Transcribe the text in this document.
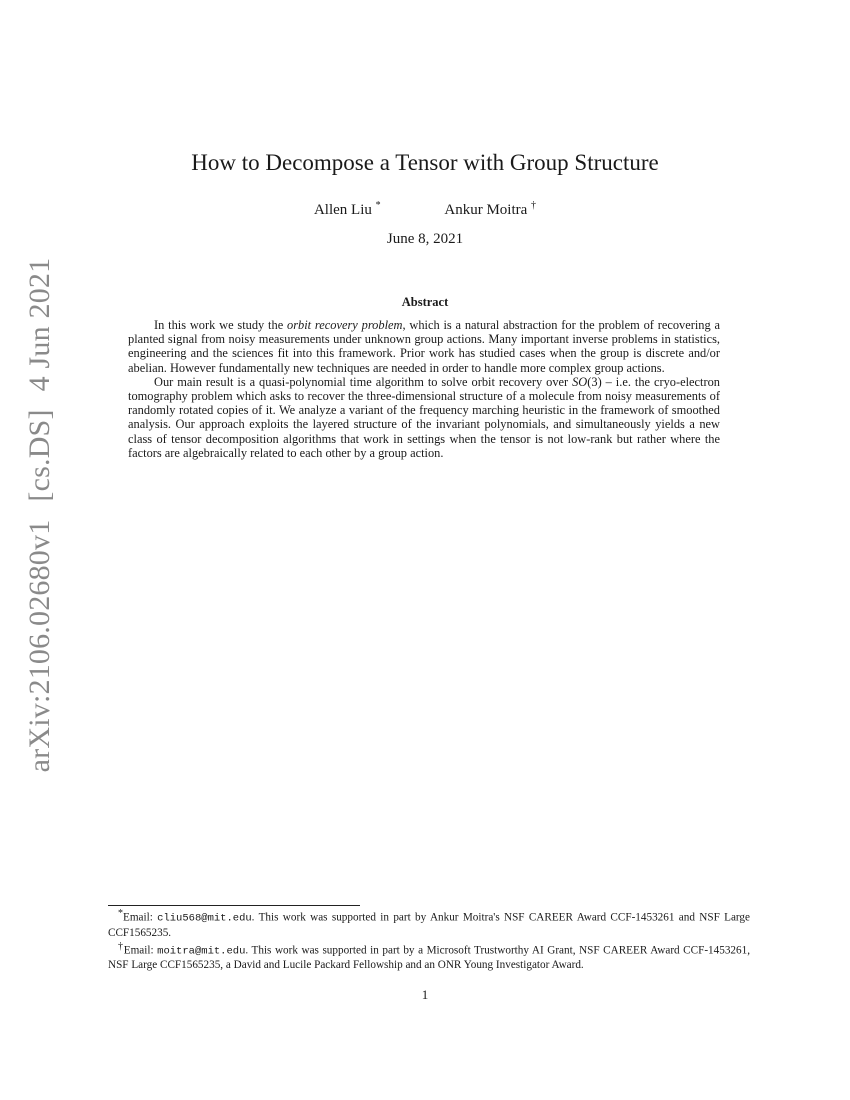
arXiv:2106.02680v1[cs.DS]4 Jun 2021
How to Decompose a Tensor with Group Structure
Allen Liu *	Ankur Moitra †
June 8, 2021
Abstract

In this work we study the orbit recovery problem, which is a natural abstraction for the problem of recovering a planted signal from noisy measurements under unknown group actions. Many important inverse problems in statistics, engineering and the sciences fit into this framework. Prior work has studied cases when the group is discrete and/or abelian. However fundamentally new techniques are needed in order to handle more complex group actions.

Our main result is a quasi-polynomial time algorithm to solve orbit recovery over SO(3) – i.e. the cryo-electron tomography problem which asks to recover the three-dimensional structure of a molecule from noisy measurements of randomly rotated copies of it. We analyze a variant of the frequency marching heuristic in the framework of smoothed analysis. Our approach exploits the layered structure of the invariant polynomials, and simultaneously yields a new class of tensor decomposition algorithms that work in settings when the tensor is not low-rank but rather where the factors are algebraically related to each other by a group action.

*Email: cliu568@mit.edu. This work was supported in part by Ankur Moitra's NSF CAREER Award CCF-1453261 and NSF Large CCF1565235.

†Email: moitra@mit.edu. This work was supported in part by a Microsoft Trustworthy AI Grant, NSF CAREER Award CCF-1453261, NSF Large CCF1565235, a David and Lucile Packard Fellowship and an ONR Young Investigator Award.

1
